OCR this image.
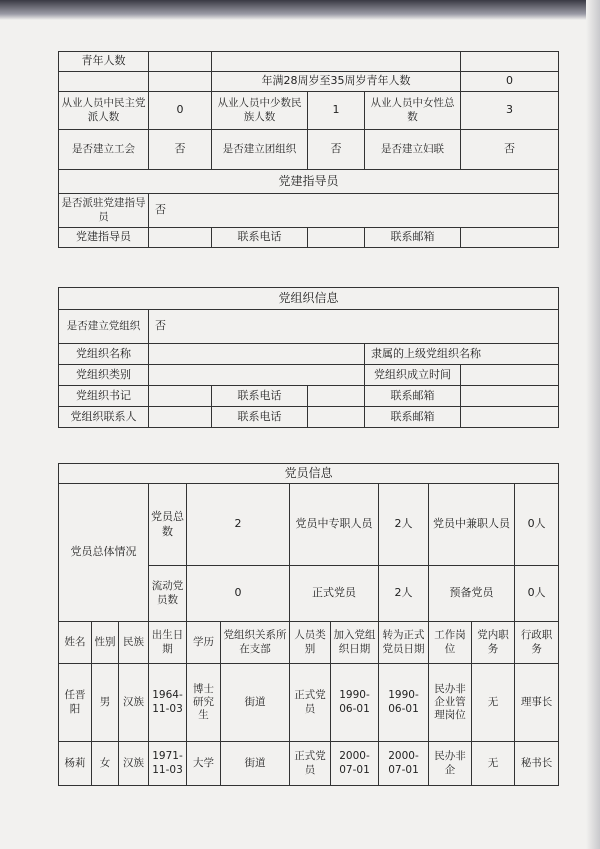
青年人数					
		年满28周岁至35周岁青年人数			0
从业人员中民主党派人数	0	从业人员中少数民族人数	1	从业人员中女性总数	3
是否建立工会	否	是否建立团组织	否	是否建立妇联	否
党建指导员					
是否派驻党建指导员	否				
党建指导员		联系电话		联系邮箱	
党组织信息					
是否建立党组织	否				
党组织名称				隶属的上级党组织名称	
党组织类别				党组织成立时间	
党组织书记		联系电话		联系邮箱	
党组织联系人		联系电话		联系邮箱	
党员信息											
党员总体情况			党员总数	2		党员中专职人员		2人	党员中兼职人员		0人
			流动党员数	0		正式党员		2人	预备党员		0人
姓名	性别	民族	出生日期	学历	党组织关系所在支部	人员类别	加入党组织日期	转为正式党员日期	工作岗位	党内职务	行政职务
任晋阳	男	汉族	1964-11-03	博士研究生	街道	正式党员	1990-06-01	1990-06-01	民办非企业管理岗位	无	理事长
杨莉	女	汉族	1971-11-03	大学	街道	正式党员	2000-07-01	2000-07-01	民办非企	无	秘书长
